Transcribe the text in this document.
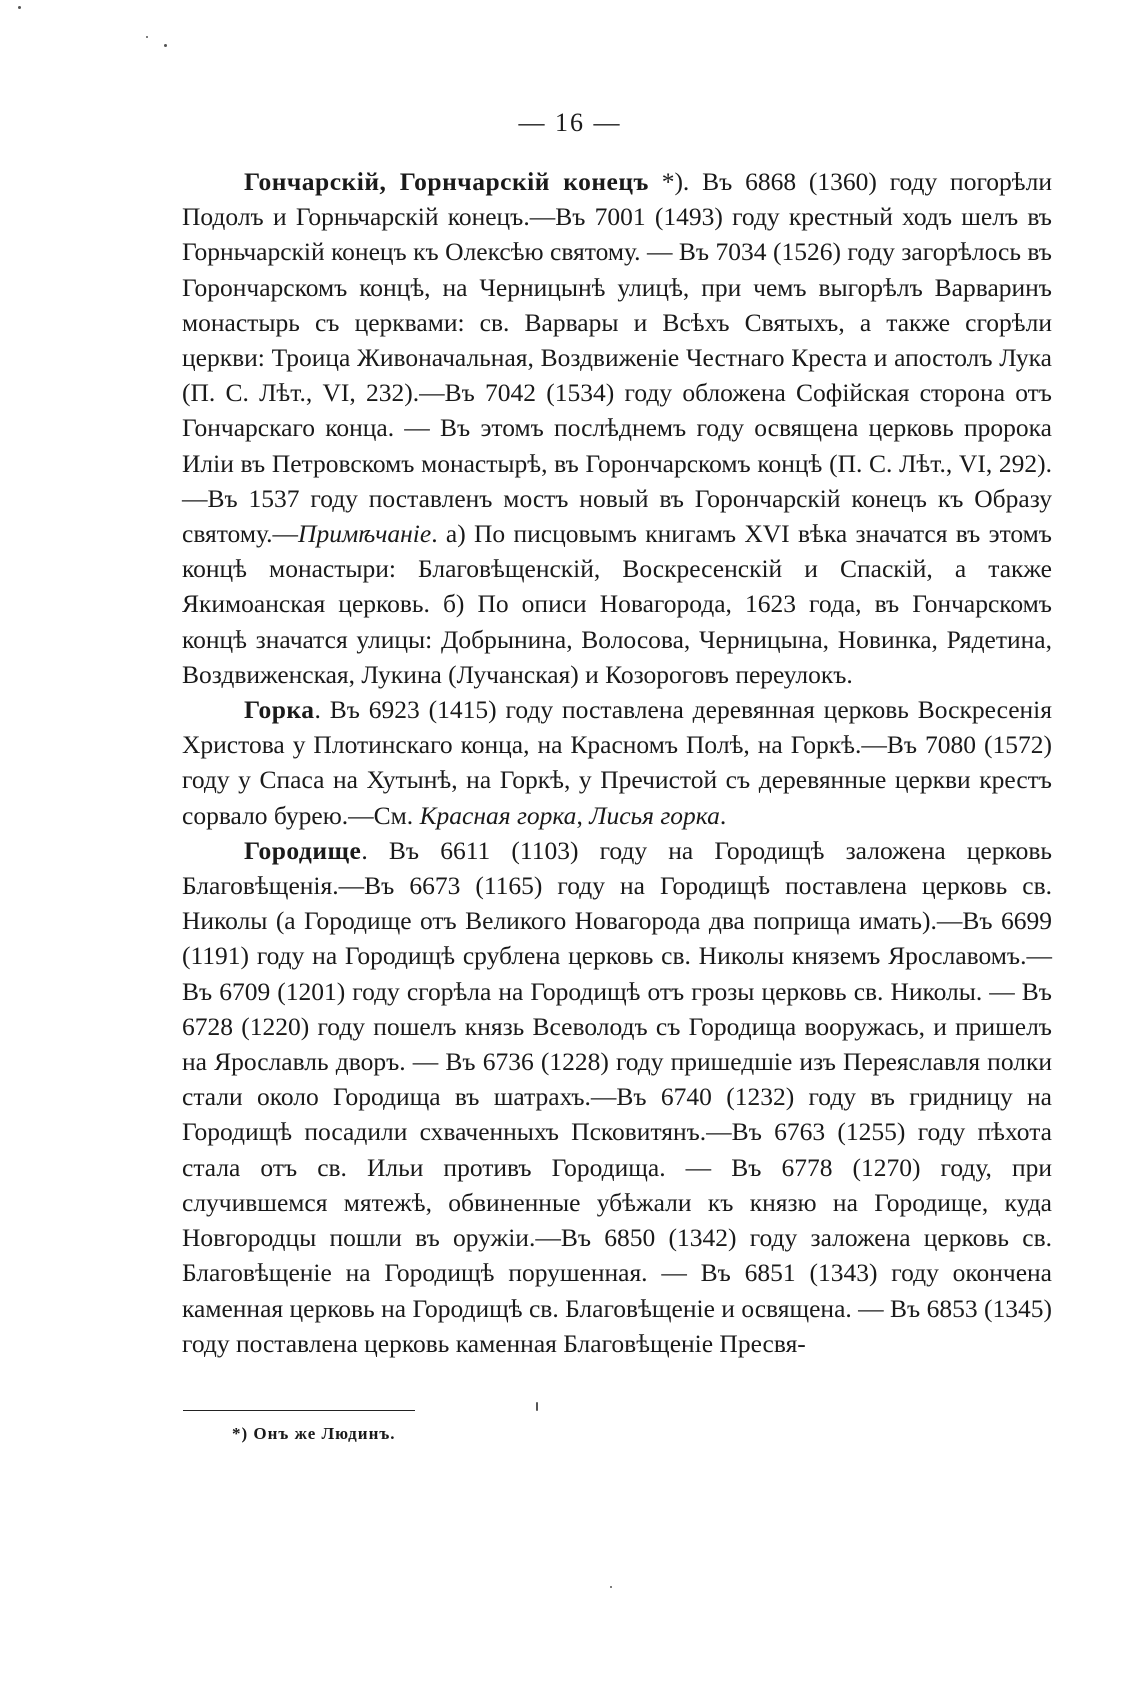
— 16 —

Гончарскій, Горнчарскій конецъ *). Въ 6868 (1360) году погорѣли Подолъ и Горньчарскій конецъ.—Въ 7001 (1493) году крестный ходъ шелъ въ Горньчарскій конецъ къ Олексѣю святому. — Въ 7034 (1526) году загорѣлось въ Горончарскомъ концѣ, на Черницынѣ улицѣ, при чемъ выгорѣлъ Варваринъ монастырь съ церквами: св. Варвары и Всѣхъ Святыхъ, а также сгорѣли церкви: Троица Живоначальная, Воздвиженіе Честнаго Креста и апостолъ Лука (П. С. Лѣт., VI, 232).—Въ 7042 (1534) году обложена Софійская сторона отъ Гончарскаго конца. — Въ этомъ послѣднемъ году освящена церковь пророка Иліи въ Петровскомъ монастырѣ, въ Горончарскомъ концѣ (П. С. Лѣт., VI, 292).—Въ 1537 году поставленъ мостъ новый въ Горончарскій конецъ къ Образу святому.—Примѣчаніе. а) По писцовымъ книгамъ XVI вѣка значатся въ этомъ концѣ монастыри: Благовѣщенскій, Воскресенскій и Спаскій, а также Якимоанская церковь. б) По описи Новагорода, 1623 года, въ Гончарскомъ концѣ значатся улицы: Добрынина, Волосова, Черницына, Новинка, Рядетина, Воздвиженская, Лукина (Лучанская) и Козороговъ переулокъ.

Горка. Въ 6923 (1415) году поставлена деревянная церковь Воскресенія Христова у Плотинскаго конца, на Красномъ Полѣ, на Горкѣ.—Въ 7080 (1572) году у Спаса на Хутынѣ, на Горкѣ, у Пречистой съ деревянные церкви крестъ сорвало бурею.—См. Красная горка, Лисья горка.

Городище. Въ 6611 (1103) году на Городищѣ заложена церковь Благовѣщенія.—Въ 6673 (1165) году на Городищѣ поставлена церковь св. Николы (а Городище отъ Великого Новагорода два поприща имать).—Въ 6699 (1191) году на Городищѣ срублена церковь св. Николы княземъ Ярославомъ.—Въ 6709 (1201) году сгорѣла на Городищѣ отъ грозы церковь св. Николы. — Въ 6728 (1220) году пошелъ князь Всеволодъ съ Городища вооружась, и пришелъ на Ярославль дворъ. — Въ 6736 (1228) году пришедшіе изъ Переяславля полки стали около Городища въ шатрахъ.—Въ 6740 (1232) году въ гридницу на Городищѣ посадили схваченныхъ Псковитянъ.—Въ 6763 (1255) году пѣхота стала отъ св. Ильи противъ Городища. — Въ 6778 (1270) году, при случившемся мятежѣ, обвиненные убѣжали къ князю на Городище, куда Новгородцы пошли въ оружіи.—Въ 6850 (1342) году заложена церковь св. Благовѣщеніе на Городищѣ порушенная. — Въ 6851 (1343) году окончена каменная церковь на Городищѣ св. Благовѣщеніе и освящена. — Въ 6853 (1345) году поставлена церковь каменная Благовѣщеніе Пресвя-

*) Онъ же Людинъ.
